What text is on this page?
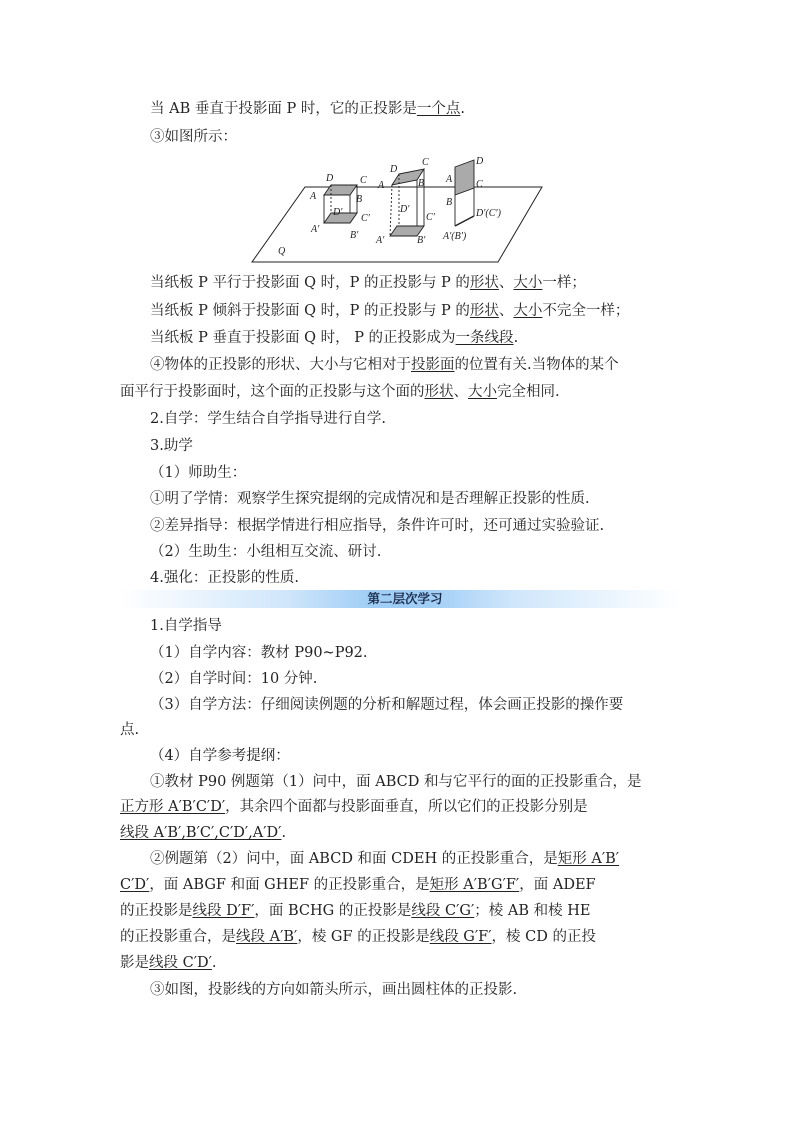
当 AB 垂直于投影面 P 时，它的正投影是一个点.
③如图所示：
Q
D	C
A	B
D′
C′
A′
B′
D
C
A	B
D′
C′
A′	B′
D
C
A
B
D′(C′)
A′(B′)
当纸板 P 平行于投影面 Q 时，P 的正投影与 P 的形状、大小一样；
当纸板 P 倾斜于投影面 Q 时，P 的正投影与 P 的形状、大小不完全一样；
当纸板 P 垂直于投影面 Q 时， P 的正投影成为一条线段.
④物体的正投影的形状、大小与它相对于投影面的位置有关.当物体的某个
面平行于投影面时，这个面的正投影与这个面的形状、大小完全相同.
2.自学：学生结合自学指导进行自学.
3.助学
（1）师助生：
①明了学情：观察学生探究提纲的完成情况和是否理解正投影的性质.
②差异指导：根据学情进行相应指导，条件许可时，还可通过实验验证.
（2）生助生：小组相互交流、研讨.
4.强化：正投影的性质.
第二层次学习
1.自学指导
（1）自学内容：教材 P90~P92.
（2）自学时间：10 分钟.
（3）自学方法：仔细阅读例题的分析和解题过程，体会画正投影的操作要
点.
（4）自学参考提纲：
①教材 P90 例题第（1）问中，面 ABCD 和与它平行的面的正投影重合，是
正方形 A′B′C′D′，其余四个面都与投影面垂直，所以它们的正投影分别是
线段 A′B′,B′C′,C′D′,A′D′.
②例题第（2）问中，面 ABCD 和面 CDEH 的正投影重合，是矩形 A′B′
C′D′，面 ABGF 和面 GHEF 的正投影重合，是矩形 A′B′G′F′，面 ADEF
的正投影是线段 D′F′，面 BCHG 的正投影是线段 C′G′；棱 AB 和棱 HE
的正投影重合，是线段 A′B′，棱 GF 的正投影是线段 G′F′，棱 CD 的正投
影是线段 C′D′.
③如图，投影线的方向如箭头所示，画出圆柱体的正投影.
